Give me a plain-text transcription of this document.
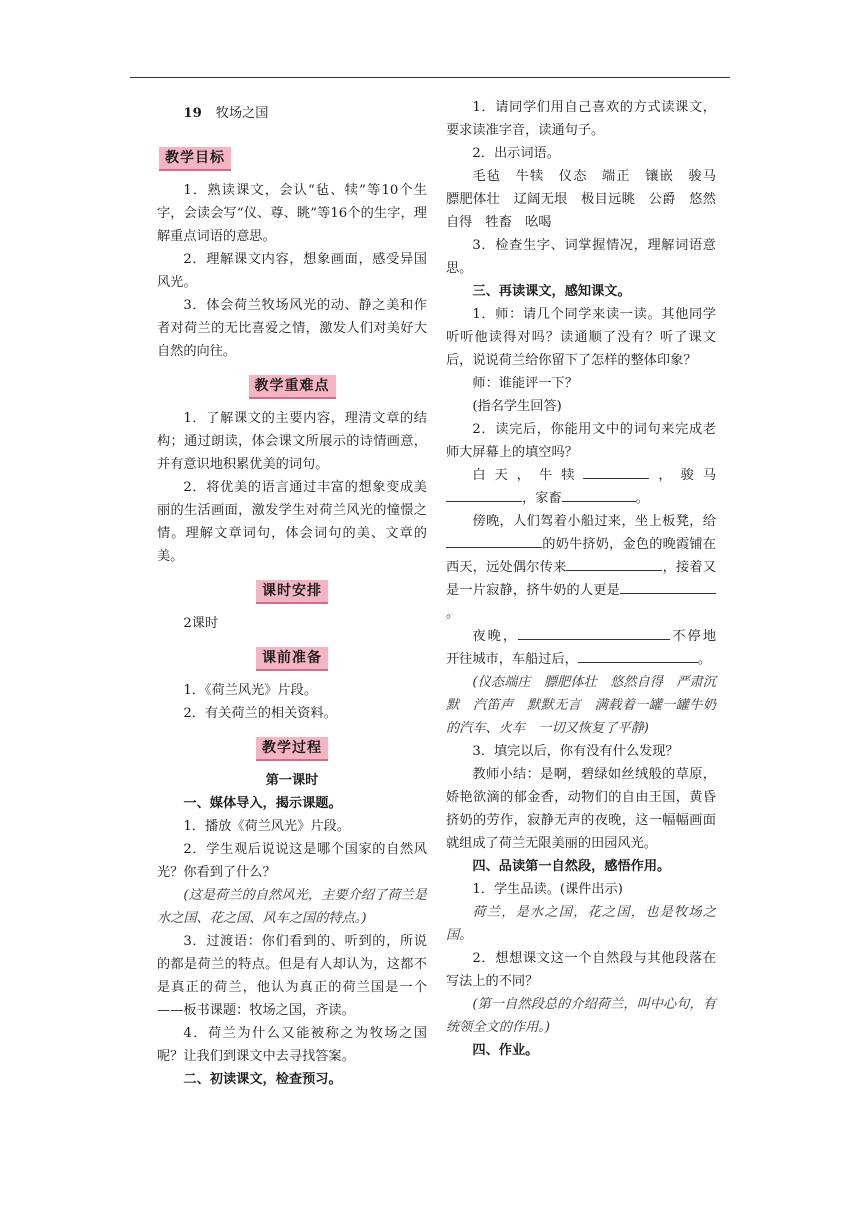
19 牧场之国

教学目标

1．熟读课文，会认“毡、犊”等10个生字，会读会写“仪、尊、眺”等16个的生字，理解重点词语的意思。

2．理解课文内容，想象画面，感受异国风光。

3．体会荷兰牧场风光的动、静之美和作者对荷兰的无比喜爱之情，激发人们对美好大自然的向往。

教学重难点

1．了解课文的主要内容，理清文章的结构；通过朗读，体会课文所展示的诗情画意，并有意识地积累优美的词句。

2．将优美的语言通过丰富的想象变成美丽的生活画面，激发学生对荷兰风光的憧憬之情。理解文章词句，体会词句的美、文章的美。

课时安排

2课时

课前准备

1．《荷兰风光》片段。

2．有关荷兰的相关资料。

教学过程

第一课时

一、媒体导入，揭示课题。

1．播放《荷兰风光》片段。

2．学生观后说说这是哪个国家的自然风光？你看到了什么？

(这是荷兰的自然风光，主要介绍了荷兰是水之国、花之国、风车之国的特点。)

3．过渡语：你们看到的、听到的，所说的都是荷兰的特点。但是有人却认为，这都不是真正的荷兰，他认为真正的荷兰国是一个——板书课题：牧场之国，齐读。

4．荷兰为什么又能被称之为牧场之国呢？让我们到课文中去寻找答案。

二、初读课文，检查预习。

1．请同学们用自己喜欢的方式读课文，要求读准字音，读通句子。

2．出示词语。

毛毡　牛犊　仪态　端正　镶嵌　骏马　膘肥体壮　辽阔无垠　极目远眺　公爵　悠然自得　牲畜　吆喝

3．检查生字、词掌握情况，理解词语意思。

三、再读课文，感知课文。

1．师：请几个同学来读一读。其他同学听听他读得对吗？读通顺了没有？听了课文后，说说荷兰给你留下了怎样的整体印象？

师：谁能评一下？

(指名学生回答)

2．读完后，你能用文中的词句来完成老师大屏幕上的填空吗？

白天，牛犊	，骏马，家畜	。

傍晚，人们驾着小船过来，坐上板凳，给的奶牛挤奶，金色的晚霞铺在西天，远处偶尔传来	，接着又是一片寂静，挤牛奶的人更是。

夜晚，	不停地开往城市，车船过后，	。

(仪态端庄　膘肥体壮　悠然自得　严肃沉默　汽笛声　默默无言　满载着一罐一罐牛奶的汽车、火车　一切又恢复了平静)

3．填完以后，你有没有什么发现？

教师小结：是啊，碧绿如丝绒般的草原，娇艳欲滴的郁金香，动物们的自由王国，黄昏挤奶的劳作，寂静无声的夜晚，这一幅幅画面就组成了荷兰无限美丽的田园风光。

四、品读第一自然段，感悟作用。

1．学生品读。(课件出示)

荷兰，是水之国，花之国，也是牧场之国。

2．想想课文这一个自然段与其他段落在写法上的不同？

(第一自然段总的介绍荷兰，叫中心句，有统领全文的作用。)

四、作业。
